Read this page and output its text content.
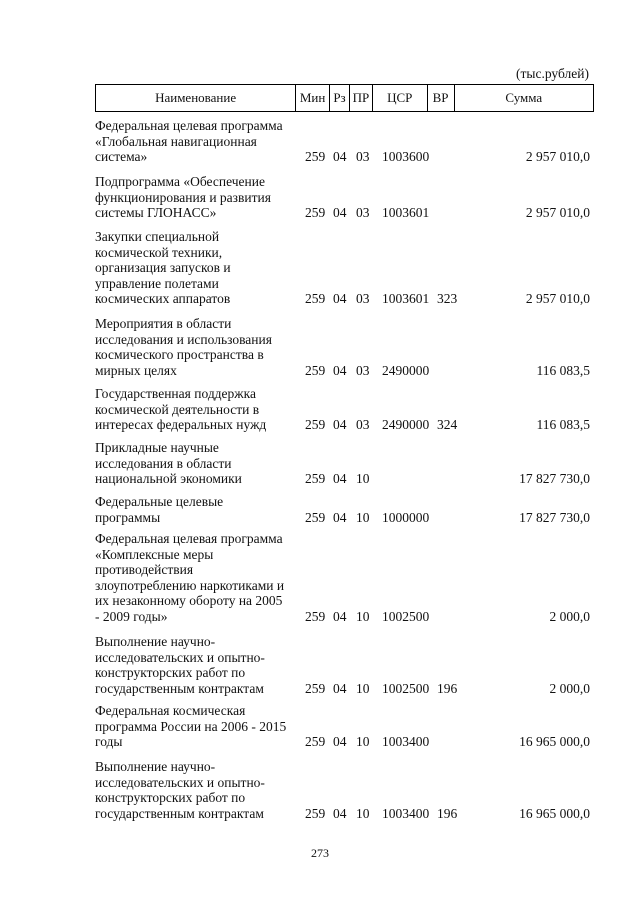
(тыс.рублей)
Наименование	Мин Рз ПР	ЦСР	ВР	Сумма
Федеральная целевая программа
«Глобальная навигационная
система»	259 04 03 1003600	2 957 010,0
Подпрограмма «Обеспечение
функционирования и развития
системы ГЛОНАСС»	259 04 03 1003601	2 957 010,0
Закупки специальной
космической техники,
организация запусков и
управление полетами
космических аппаратов	259 04 03 1003601 323	2 957 010,0
Мероприятия в области
исследования и использования
космического пространства в
мирных целях	259 04 03 2490000	116 083,5
Государственная поддержка
космической деятельности в
интересах федеральных нужд	259 04 03 2490000 324	116 083,5
Прикладные научные
исследования в области
национальной экономики	259 04 10	17 827 730,0
Федеральные целевые
программы	259 04 10 1000000	17 827 730,0
Федеральная целевая программа
«Комплексные меры
противодействия
злоупотреблению наркотиками и
их незаконному обороту на 2005
- 2009 годы»	259 04 10 1002500	2 000,0
Выполнение научно-
исследовательских и опытно-
конструкторских работ по
государственным контрактам	259 04 10 1002500 196	2 000,0
Федеральная космическая
программа России на 2006 - 2015
годы	259 04 10 1003400	16 965 000,0
Выполнение научно-
исследовательских и опытно-
конструкторских работ по
государственным контрактам	259 04 10 1003400 196	16 965 000,0
273
